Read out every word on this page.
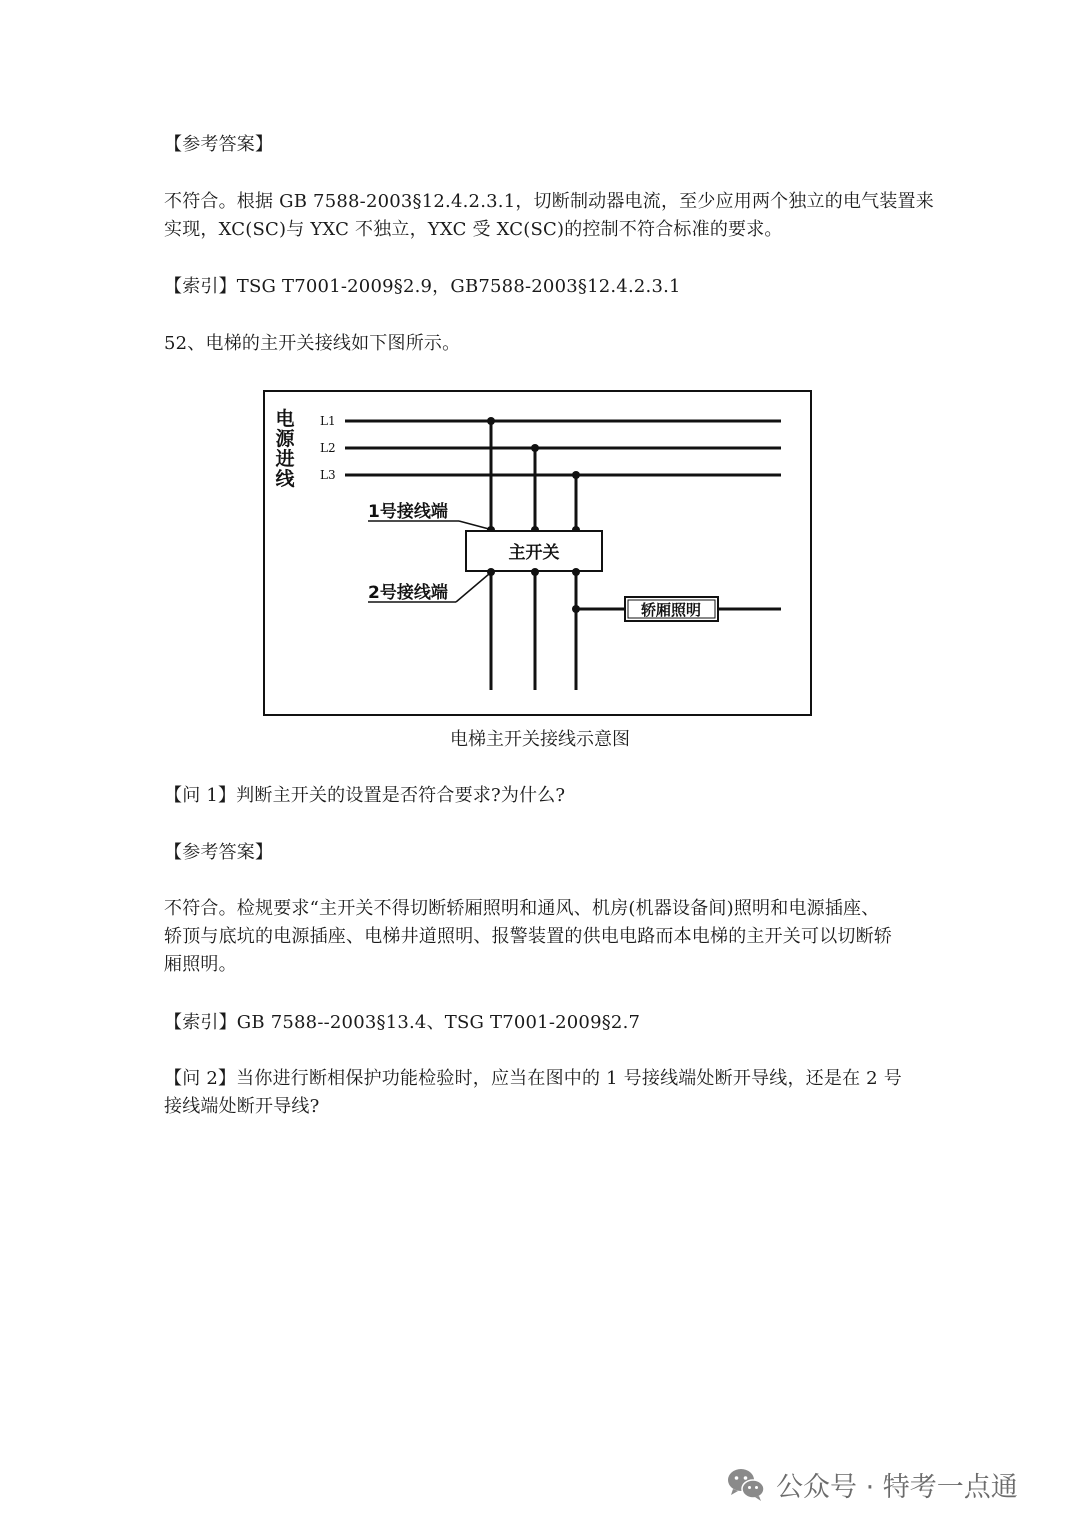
【参考答案】
不符合。根据 GB 7588-2003§12.4.2.3.1，切断制动器电流，至少应用两个独立的电气装置来
实现，XC(SC)与 YXC 不独立，YXC 受 XC(SC)的控制不符合标准的要求。
【索引】TSG T7001-2009§2.9，GB7588-2003§12.4.2.3.1
52、电梯的主开关接线如下图所示。
电
源
进
线
L1
L2
L3
主开关
轿厢照明
1号接线端
2号接线端
电梯主开关接线示意图
【问 1】判断主开关的设置是否符合要求?为什么?
【参考答案】
不符合。检规要求“主开关不得切断轿厢照明和通风、机房(机器设备间)照明和电源插座、
轿顶与底坑的电源插座、电梯井道照明、报警装置的供电电路而本电梯的主开关可以切断轿
厢照明。
【索引】GB 7588--2003§13.4、TSG T7001-2009§2.7
【问 2】当你进行断相保护功能检验时，应当在图中的 1 号接线端处断开导线，还是在 2 号
接线端处断开导线?
公众号 · 特考一点通
